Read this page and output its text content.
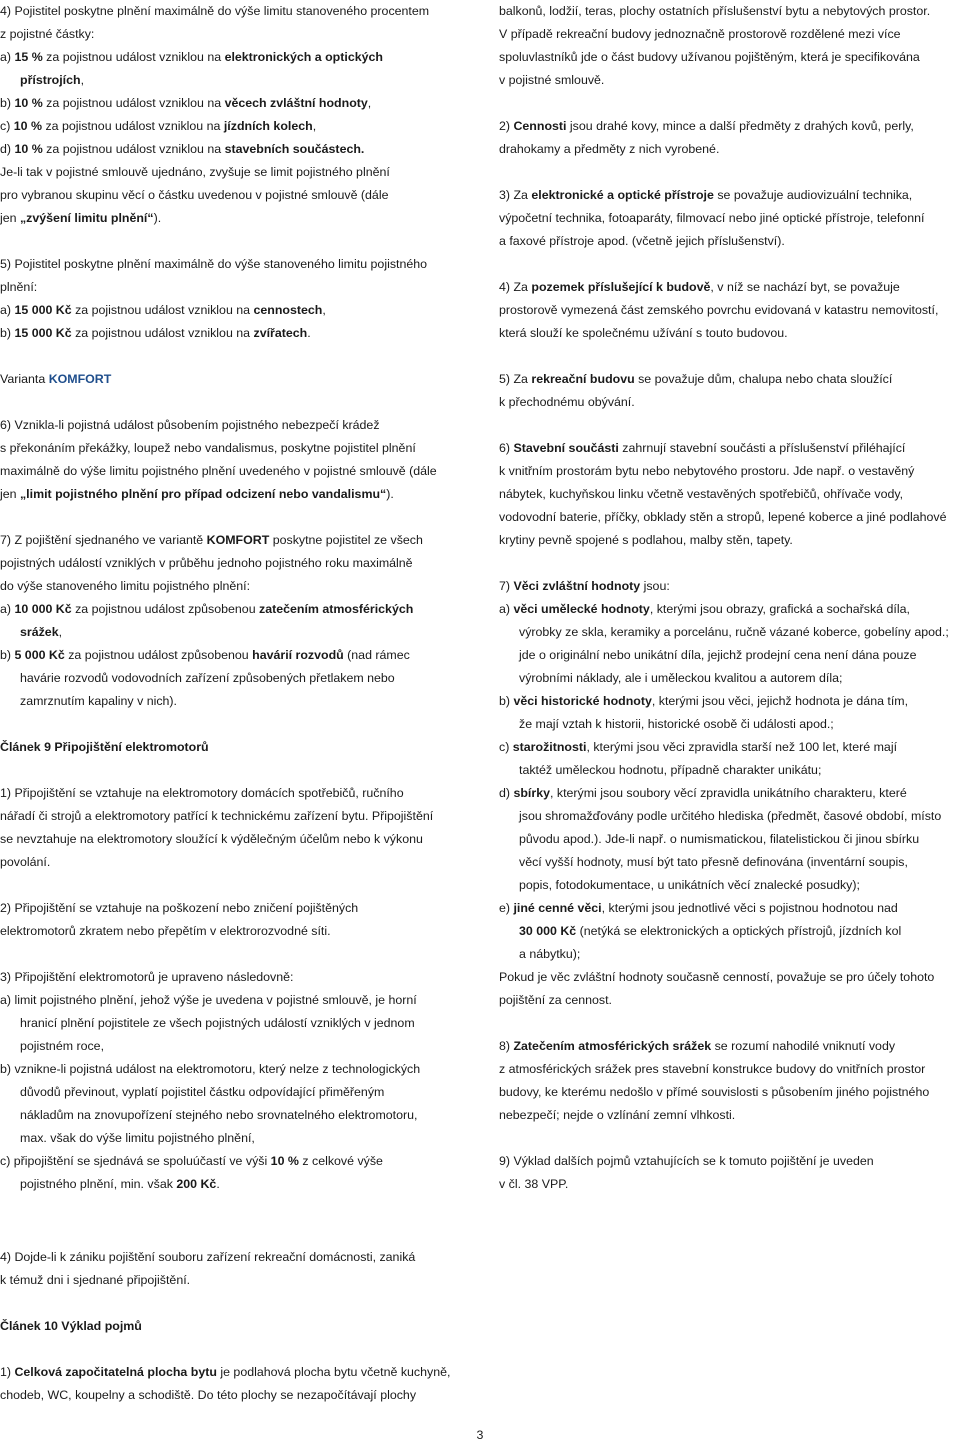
4) Pojistitel poskytne plnění maximálně do výše limitu stanoveného procentem
z pojistné částky:
a) 15 % za pojistnou událost vzniklou na elektronických a optických
přístrojích,
b) 10 % za pojistnou událost vzniklou na věcech zvláštní hodnoty,
c) 10 % za pojistnou událost vzniklou na jízdních kolech,
d) 10 % za pojistnou událost vzniklou na stavebních součástech.
Je-li tak v pojistné smlouvě ujednáno, zvyšuje se limit pojistného plnění
pro vybranou skupinu věcí o částku uvedenou v pojistné smlouvě (dále
jen „zvýšení limitu plnění“).
5) Pojistitel poskytne plnění maximálně do výše stanoveného limitu pojistného
plnění:
a) 15 000 Kč za pojistnou událost vzniklou na cennostech,
b) 15 000 Kč za pojistnou událost vzniklou na zvířatech.
Varianta KOMFORT
6) Vznikla-li pojistná událost působením pojistného nebezpečí krádež
s překonáním překážky, loupež nebo vandalismus, poskytne pojistitel plnění
maximálně do výše limitu pojistného plnění uvedeného v pojistné smlouvě (dále
jen „limit pojistného plnění pro případ odcizení nebo vandalismu“).
7) Z pojištění sjednaného ve variantě KOMFORT poskytne pojistitel ze všech
pojistných událostí vzniklých v průběhu jednoho pojistného roku maximálně
do výše stanoveného limitu pojistného plnění:
a) 10 000 Kč za pojistnou událost způsobenou zatečením atmosférických
srážek,
b) 5 000 Kč za pojistnou událost způsobenou havárií rozvodů (nad rámec
havárie rozvodů vodovodních zařízení způsobených přetlakem nebo
zamrznutím kapaliny v nich).
Článek 9 Připojištění elektromotorů
1) Připojištění se vztahuje na elektromotory domácích spotřebičů, ručního
nářadí či strojů a elektromotory patřící k technickému zařízení bytu. Připojištění
se nevztahuje na elektromotory sloužící k výdělečným účelům nebo k výkonu
povolání.
2) Připojištění se vztahuje na poškození nebo zničení pojištěných
elektromotorů zkratem nebo přepětím v elektrorozvodné síti.
3) Připojištění elektromotorů je upraveno následovně:
a) limit pojistného plnění, jehož výše je uvedena v pojistné smlouvě, je horní
hranicí plnění pojistitele ze všech pojistných událostí vzniklých v jednom
pojistném roce,
b) vznikne-li pojistná událost na elektromotoru, který nelze z technologických
důvodů převinout, vyplatí pojistitel částku odpovídající přiměřeným
nákladům na znovupořízení stejného nebo srovnatelného elektromotoru,
max. však do výše limitu pojistného plnění,
c) připojištění se sjednává se spoluúčastí ve výši 10 % z celkové výše
pojistného plnění, min. však 200 Kč.
balkonů, lodžií, teras, plochy ostatních příslušenství bytu a nebytových prostor.
V případě rekreační budovy jednoznačně prostorově rozdělené mezi více
spoluvlastníků jde o část budovy užívanou pojištěným, která je specifikována
v pojistné smlouvě.
2) Cennosti jsou drahé kovy, mince a další předměty z drahých kovů, perly,
drahokamy a předměty z nich vyrobené.
3) Za elektronické a optické přístroje se považuje audiovizuální technika,
výpočetní technika, fotoaparáty, filmovací nebo jiné optické přístroje, telefonní
a faxové přístroje apod. (včetně jejich příslušenství).
4) Za pozemek příslušející k budově, v níž se nachází byt, se považuje
prostorově vymezená část zemského povrchu evidovaná v katastru nemovitostí,
která slouží ke společnému užívání s touto budovou.
5) Za rekreační budovu se považuje dům, chalupa nebo chata sloužící
k přechodnému obývání.
6) Stavební součásti zahrnují stavební součásti a příslušenství přiléhající
k vnitřním prostorám bytu nebo nebytového prostoru. Jde např. o vestavěný
nábytek, kuchyňskou linku včetně vestavěných spotřebičů, ohřívače vody,
vodovodní baterie, příčky, obklady stěn a stropů, lepené koberce a jiné podlahové
krytiny pevně spojené s podlahou, malby stěn, tapety.
7) Věci zvláštní hodnoty jsou:
a) věci umělecké hodnoty, kterými jsou obrazy, grafická a sochařská díla,
výrobky ze skla, keramiky a porcelánu, ručně vázané koberce, gobelíny apod.;
jde o originální nebo unikátní díla, jejichž prodejní cena není dána pouze
výrobními náklady, ale i uměleckou kvalitou a autorem díla;
b) věci historické hodnoty, kterými jsou věci, jejichž hodnota je dána tím,
že mají vztah k historii, historické osobě či události apod.;
c) starožitnosti, kterými jsou věci zpravidla starší než 100 let, které mají
taktéž uměleckou hodnotu, případně charakter unikátu;
d) sbírky, kterými jsou soubory věcí zpravidla unikátního charakteru, které
jsou shromažďovány podle určitého hlediska (předmět, časové období, místo
původu apod.). Jde-li např. o numismatickou, filatelistickou či jinou sbírku
věcí vyšší hodnoty, musí být tato přesně definována (inventární soupis,
popis, fotodokumentace, u unikátních věcí znalecké posudky);
e) jiné cenné věci, kterými jsou jednotlivé věci s pojistnou hodnotou nad
30 000 Kč (netýká se elektronických a optických přístrojů, jízdních kol
a nábytku);
Pokud je věc zvláštní hodnoty současně cenností, považuje se pro účely tohoto
pojištění za cennost.
8) Zatečením atmosférických srážek se rozumí nahodilé vniknutí vody
z atmosférických srážek pres stavební konstrukce budovy do vnitřních prostor
budovy, ke kterému nedošlo v přímé souvislosti s působením jiného pojistného
nebezpečí; nejde o vzlínání zemní vlhkosti.
9) Výklad dalších pojmů vztahujících se k tomuto pojištění je uveden
v čl. 38 VPP.
4) Dojde-li k zániku pojištění souboru zařízení rekreační domácnosti, zaniká
k témuž dni i sjednané připojištění.
Článek 10 Výklad pojmů
1) Celková započitatelná plocha bytu je podlahová plocha bytu včetně kuchyně,
chodeb, WC, koupelny a schodiště. Do této plochy se nezapočítávají plochy
3
